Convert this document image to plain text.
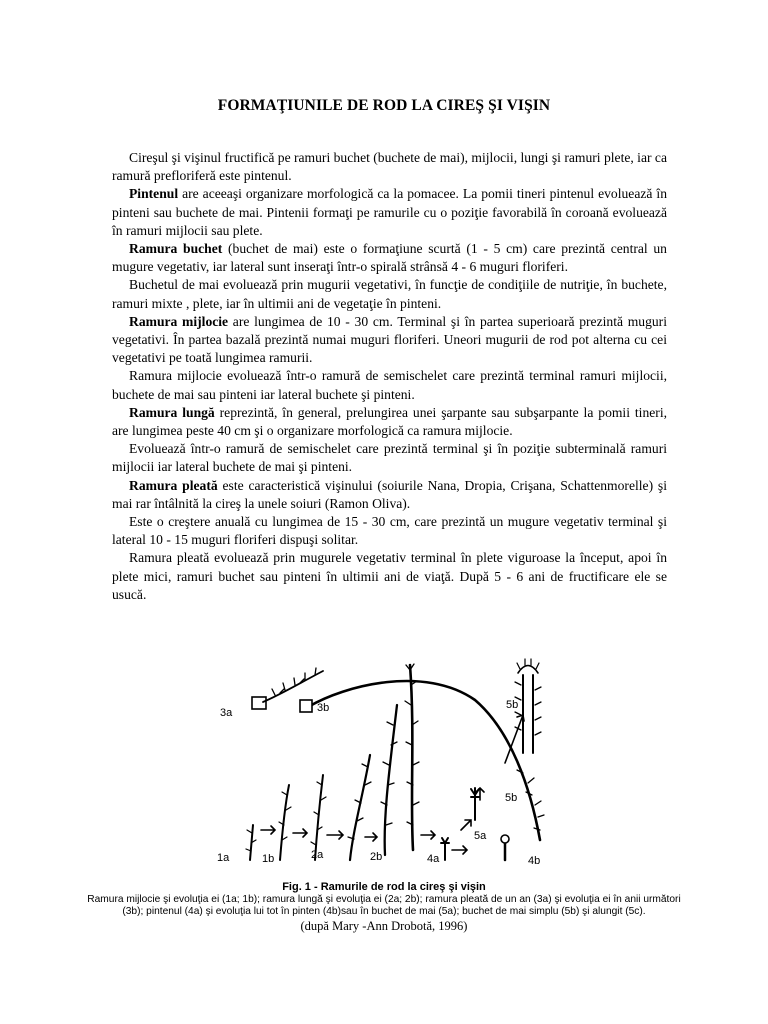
FORMAŢIUNILE DE ROD LA CIREŞ ŞI VIŞIN

Cireşul şi vişinul fructifică pe ramuri buchet (buchete de mai), mijlocii, lungi şi ramuri plete, iar ca ramură prefloriferă este pintenul.

Pintenul are aceeaşi organizare morfologică ca la pomacee. La pomii tineri pintenul evoluează în pinteni sau buchete de mai. Pintenii formaţi pe ramurile cu o poziţie favorabilă în coroană evoluează în ramuri mijlocii sau plete.

Ramura buchet (buchet de mai) este o formaţiune scurtă (1 - 5 cm) care prezintă central un mugure vegetativ, iar lateral sunt inseraţi într-o spirală strânsă 4 - 6 muguri floriferi.

Buchetul de mai evoluează prin mugurii vegetativi, în funcţie de condiţiile de nutriţie, în buchete, ramuri mixte , plete, iar în ultimii ani de vegetaţie în pinteni.

Ramura mijlocie are lungimea de 10 - 30 cm. Terminal şi în partea superioară prezintă muguri vegetativi. În partea bazală prezintă numai muguri floriferi. Uneori mugurii de rod pot alterna cu cei vegetativi pe toată lungimea ramurii.

Ramura mijlocie evoluează într-o ramură de semischelet care prezintă terminal ramuri mijlocii, buchete de mai sau pinteni iar lateral buchete şi pinteni.

Ramura lungă reprezintă, în general, prelungirea unei şarpante sau subşarpante la pomii tineri, are lungimea peste 40 cm şi o organizare morfologică ca ramura mijlocie.

Evoluează într-o ramură de semischelet care prezintă terminal şi în poziţie subterminală ramuri mijlocii iar lateral buchete de mai şi pinteni.

Ramura pleată este caracteristică vişinului (soiurile Nana, Dropia, Crişana, Schattenmorelle) şi mai rar întâlnită la cireş la unele soiuri (Ramon Oliva).

Este o creştere anuală cu lungimea de 15 - 30 cm, care prezintă un mugure vegetativ terminal şi lateral 10 - 15 muguri floriferi dispuşi solitar.

Ramura pleată evoluează prin mugurele vegetativ terminal în plete viguroase la început, apoi în plete mici, ramuri buchet sau pinteni în ultimii ani de viaţă. După 5 - 6 ani de fructificare ele se usucă.

3a	3b	5b
5b
1a	1b	2a	2b	4a
5a
4b
Fig. 1 - Ramurile de rod la cireş şi vişin
Ramura mijlocie şi evoluţia ei (1a; 1b); ramura lungă şi evoluţia ei (2a; 2b); ramura pleată de un an (3a) şi evoluţia ei în anii următori (3b); pintenul (4a) şi evoluţia lui tot în pinten (4b)sau în buchet de mai (5a); buchet de mai simplu (5b) şi alungit (5c).
(după Mary -Ann Drobotă, 1996)
